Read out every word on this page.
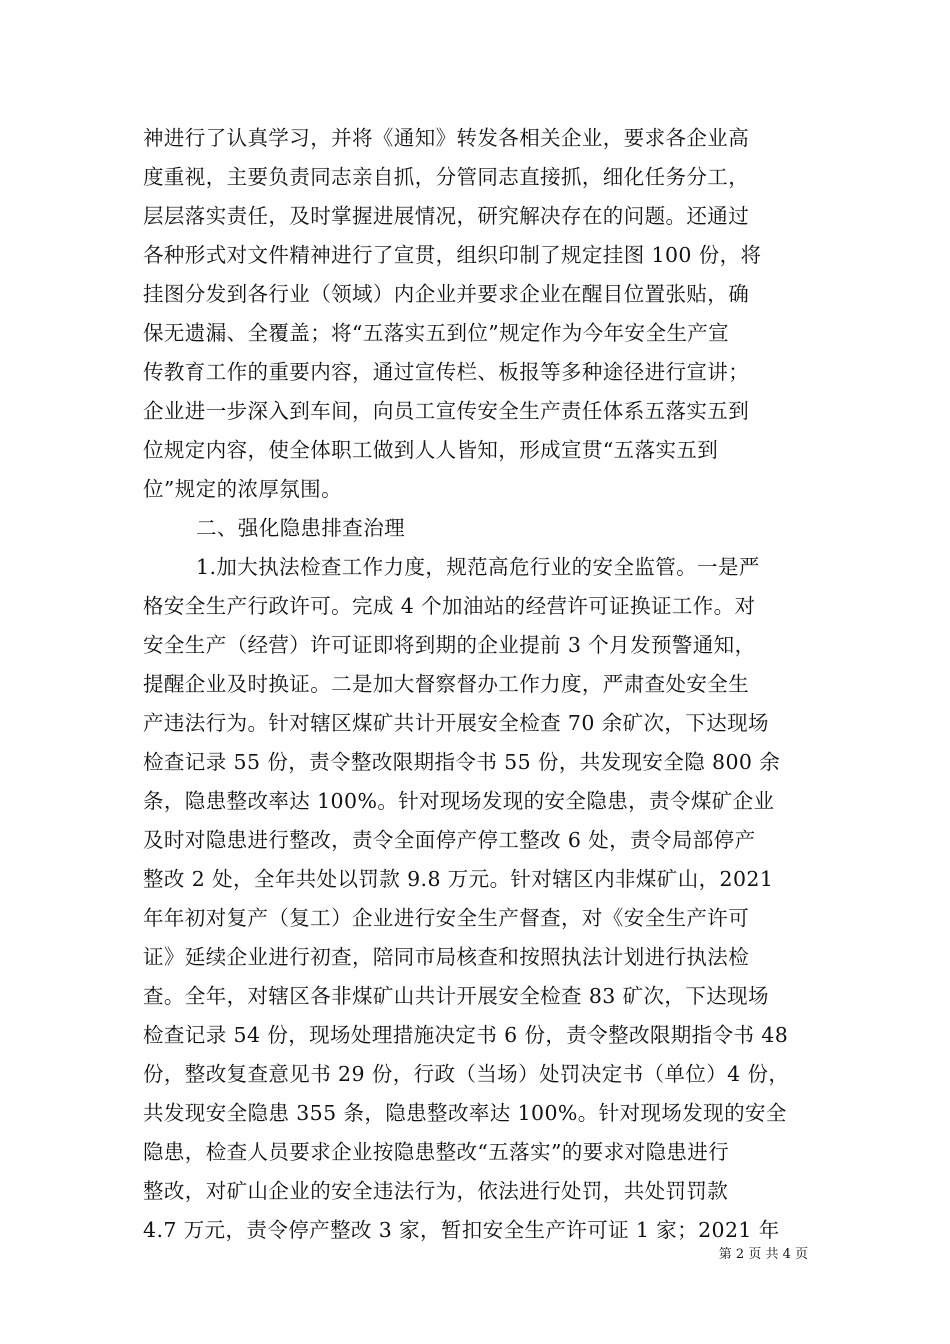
神进行了认真学习，并将《通知》转发各相关企业，要求各企业高
度重视，主要负责同志亲自抓，分管同志直接抓，细化任务分工，
层层落实责任，及时掌握进展情况，研究解决存在的问题。还通过
各种形式对文件精神进行了宣贯，组织印制了规定挂图 100 份，将
挂图分发到各行业（领域）内企业并要求企业在醒目位置张贴，确
保无遗漏、全覆盖；将“五落实五到位”规定作为今年安全生产宣
传教育工作的重要内容，通过宣传栏、板报等多种途径进行宣讲；
企业进一步深入到车间，向员工宣传安全生产责任体系五落实五到
位规定内容，使全体职工做到人人皆知，形成宣贯“五落实五到
位”规定的浓厚氛围。
二、强化隐患排查治理
1.加大执法检查工作力度，规范高危行业的安全监管。一是严
格安全生产行政许可。完成 4 个加油站的经营许可证换证工作。对
安全生产（经营）许可证即将到期的企业提前 3 个月发预警通知，
提醒企业及时换证。二是加大督察督办工作力度，严肃查处安全生
产违法行为。针对辖区煤矿共计开展安全检查 70 余矿次，下达现场
检查记录 55 份，责令整改限期指令书 55 份，共发现安全隐 800 余
条，隐患整改率达 100%。针对现场发现的安全隐患，责令煤矿企业
及时对隐患进行整改，责令全面停产停工整改 6 处，责令局部停产
整改 2 处，全年共处以罚款 9.8 万元。针对辖区内非煤矿山，2021
年年初对复产（复工）企业进行安全生产督查，对《安全生产许可
证》延续企业进行初查，陪同市局核查和按照执法计划进行执法检
查。全年，对辖区各非煤矿山共计开展安全检查 83 矿次，下达现场
检查记录 54 份，现场处理措施决定书 6 份，责令整改限期指令书 48
份，整改复查意见书 29 份，行政（当场）处罚决定书（单位）4 份，
共发现安全隐患 355 条，隐患整改率达 100%。针对现场发现的安全
隐患，检查人员要求企业按隐患整改“五落实”的要求对隐患进行
整改，对矿山企业的安全违法行为，依法进行处罚，共处罚罚款
4.7 万元，责令停产整改 3 家，暂扣安全生产许可证 1 家；2021 年
第 2 页 共 4 页
